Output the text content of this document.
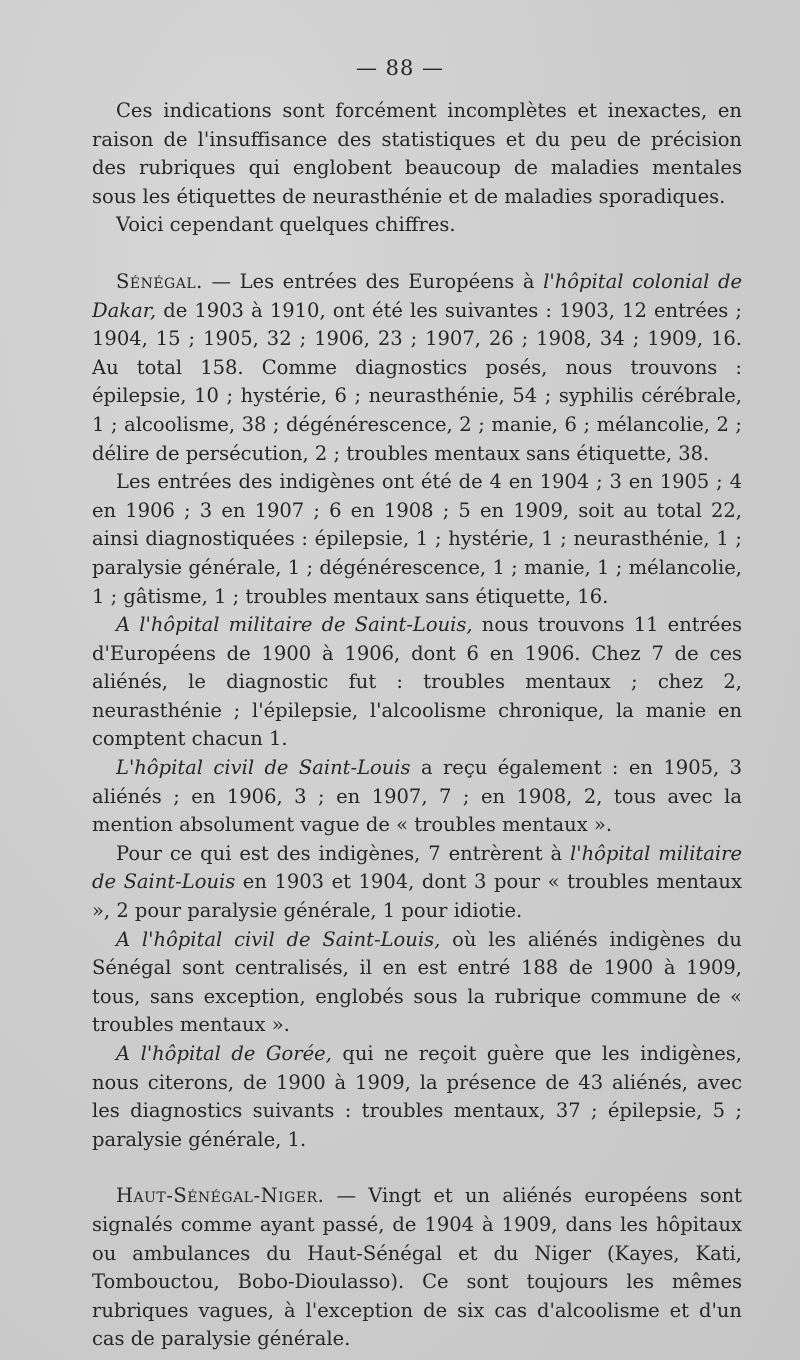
— 88 —

Ces indications sont forcément incomplètes et inexactes, en raison de l'insuffisance des statistiques et du peu de précision des rubriques qui englobent beaucoup de maladies mentales sous les étiquettes de neurasthénie et de maladies sporadiques.

Voici cependant quelques chiffres.

Sénégal. — Les entrées des Européens à l'hôpital colonial de Dakar, de 1903 à 1910, ont été les suivantes : 1903, 12 entrées ; 1904, 15 ; 1905, 32 ; 1906, 23 ; 1907, 26 ; 1908, 34 ; 1909, 16. Au total 158. Comme diagnostics posés, nous trouvons : épilepsie, 10 ; hystérie, 6 ; neurasthénie, 54 ; syphilis cérébrale, 1 ; alcoolisme, 38 ; dégénérescence, 2 ; manie, 6 ; mélancolie, 2 ; délire de persécution, 2 ; troubles mentaux sans étiquette, 38.

Les entrées des indigènes ont été de 4 en 1904 ; 3 en 1905 ; 4 en 1906 ; 3 en 1907 ; 6 en 1908 ; 5 en 1909, soit au total 22, ainsi diagnostiquées : épilepsie, 1 ; hystérie, 1 ; neurasthénie, 1 ; paralysie générale, 1 ; dégénérescence, 1 ; manie, 1 ; mélancolie, 1 ; gâtisme, 1 ; troubles mentaux sans étiquette, 16.

A l'hôpital militaire de Saint-Louis, nous trouvons 11 entrées d'Européens de 1900 à 1906, dont 6 en 1906. Chez 7 de ces aliénés, le diagnostic fut : troubles mentaux ; chez 2, neurasthénie ; l'épilepsie, l'alcoolisme chronique, la manie en comptent chacun 1.

L'hôpital civil de Saint-Louis a reçu également : en 1905, 3 aliénés ; en 1906, 3 ; en 1907, 7 ; en 1908, 2, tous avec la mention absolument vague de « troubles mentaux ».

Pour ce qui est des indigènes, 7 entrèrent à l'hôpital militaire de Saint-Louis en 1903 et 1904, dont 3 pour « troubles mentaux », 2 pour paralysie générale, 1 pour idiotie.

A l'hôpital civil de Saint-Louis, où les aliénés indigènes du Sénégal sont centralisés, il en est entré 188 de 1900 à 1909, tous, sans exception, englobés sous la rubrique commune de « troubles mentaux ».

A l'hôpital de Gorée, qui ne reçoit guère que les indigènes, nous citerons, de 1900 à 1909, la présence de 43 aliénés, avec les diagnostics suivants : troubles mentaux, 37 ; épilepsie, 5 ; paralysie générale, 1.

Haut-Sénégal-Niger. — Vingt et un aliénés européens sont signalés comme ayant passé, de 1904 à 1909, dans les hôpitaux ou ambulances du Haut-Sénégal et du Niger (Kayes, Kati, Tombouctou, Bobo-Dioulasso). Ce sont toujours les mêmes rubriques vagues, à l'exception de six cas d'alcoolisme et d'un cas de paralysie générale.
